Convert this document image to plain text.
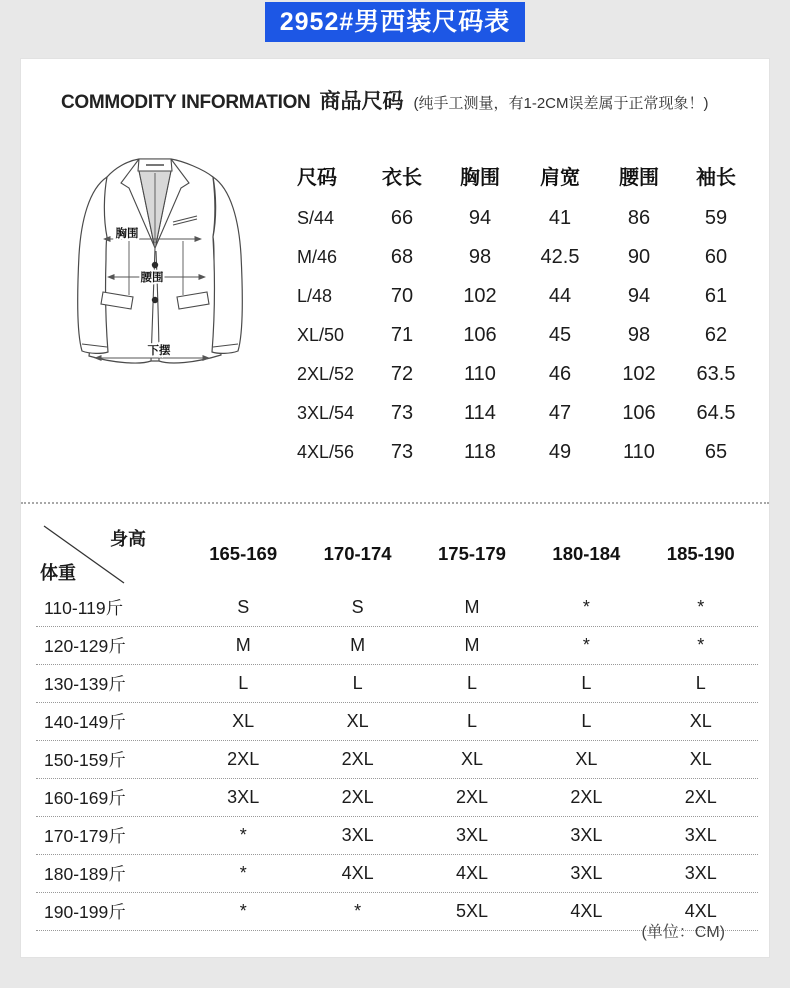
2952#男西装尺码表
COMMODITY INFORMATION 商品尺码 (纯手工测量，有1-2CM误差属于正常现象！)
胸围
腰围
下摆
尺码	衣长	胸围	肩宽	腰围	袖长
S/44	66	94	41	86	59
M/46	68	98	42.5	90	60
L/48	70	102	44	94	61
XL/50	71	106	45	98	62
2XL/52	72	110	46	102	63.5
3XL/54	73	114	47	106	64.5
4XL/56	73	118	49	110	65
身高
体重
165-169	170-174	175-179	180-184	185-190
110-119斤	S	S	M	*	*
120-129斤	M	M	M	*	*
130-139斤	L	L	L	L	L
140-149斤	XL	XL	L	L	XL
150-159斤	2XL	2XL	XL	XL	XL
160-169斤	3XL	2XL	2XL	2XL	2XL
170-179斤	*	3XL	3XL	3XL	3XL
180-189斤	*	4XL	4XL	3XL	3XL
190-199斤	*	*	5XL	4XL	4XL
(单位：CM)
